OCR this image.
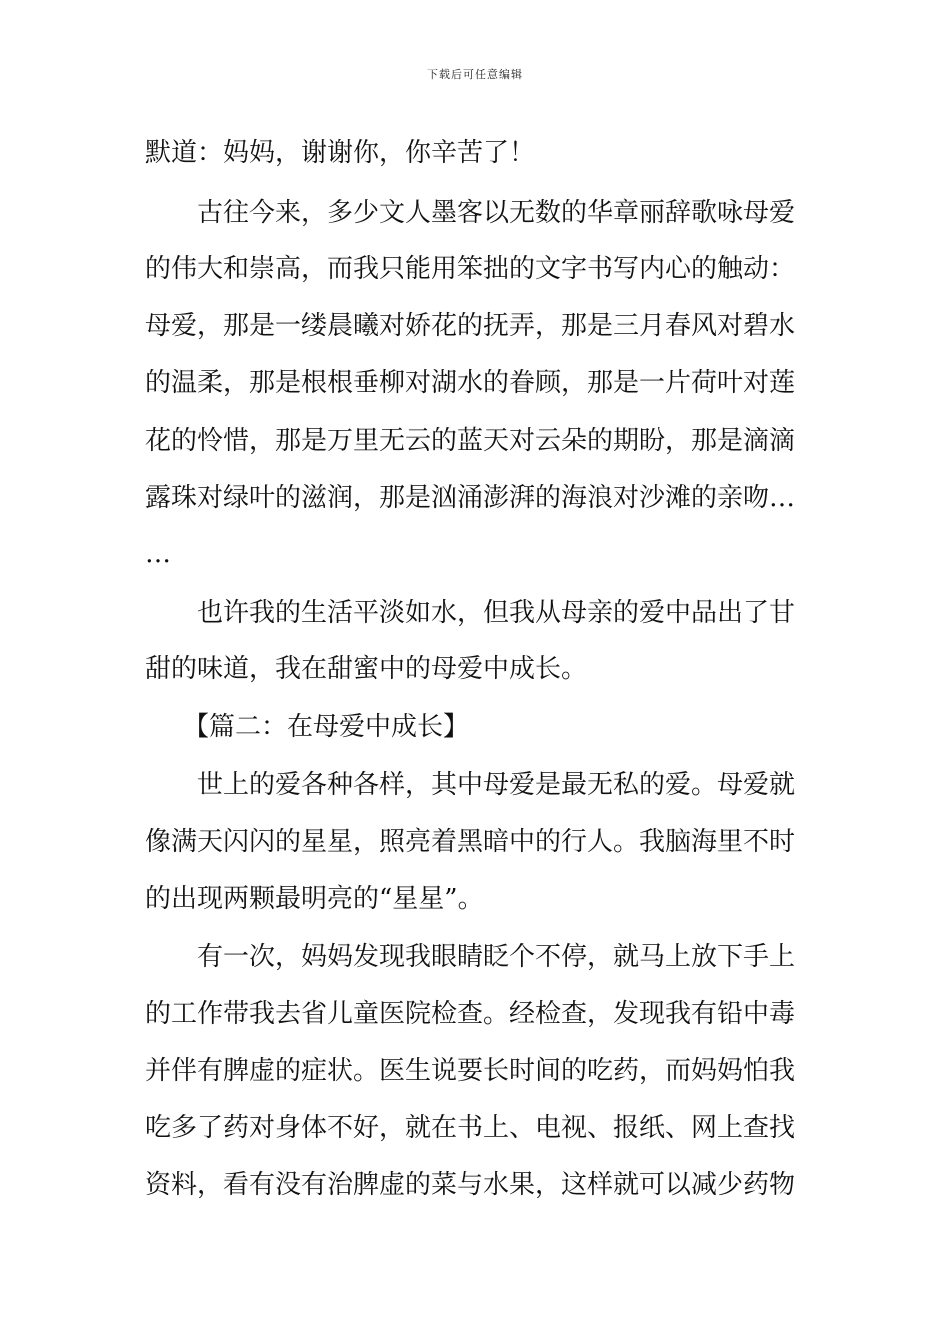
下载后可任意编辑
默道：妈妈，谢谢你，你辛苦了！
古往今来，多少文人墨客以无数的华章丽辞歌咏母爱
的伟大和崇高，而我只能用笨拙的文字书写内心的触动：
母爱，那是一缕晨曦对娇花的抚弄，那是三月春风对碧水
的温柔，那是根根垂柳对湖水的眷顾，那是一片荷叶对莲
花的怜惜，那是万里无云的蓝天对云朵的期盼，那是滴滴
露珠对绿叶的滋润，那是汹涌澎湃的海浪对沙滩的亲吻…
…
也许我的生活平淡如水，但我从母亲的爱中品出了甘
甜的味道，我在甜蜜中的母爱中成长。
【篇二：在母爱中成长】
世上的爱各种各样，其中母爱是最无私的爱。母爱就
像满天闪闪的星星，照亮着黑暗中的行人。我脑海里不时
的出现两颗最明亮的“星星”。
有一次，妈妈发现我眼睛眨个不停，就马上放下手上
的工作带我去省儿童医院检查。经检查，发现我有铅中毒
并伴有脾虚的症状。医生说要长时间的吃药，而妈妈怕我
吃多了药对身体不好，就在书上、电视、报纸、网上查找
资料，看有没有治脾虚的菜与水果，这样就可以减少药物
